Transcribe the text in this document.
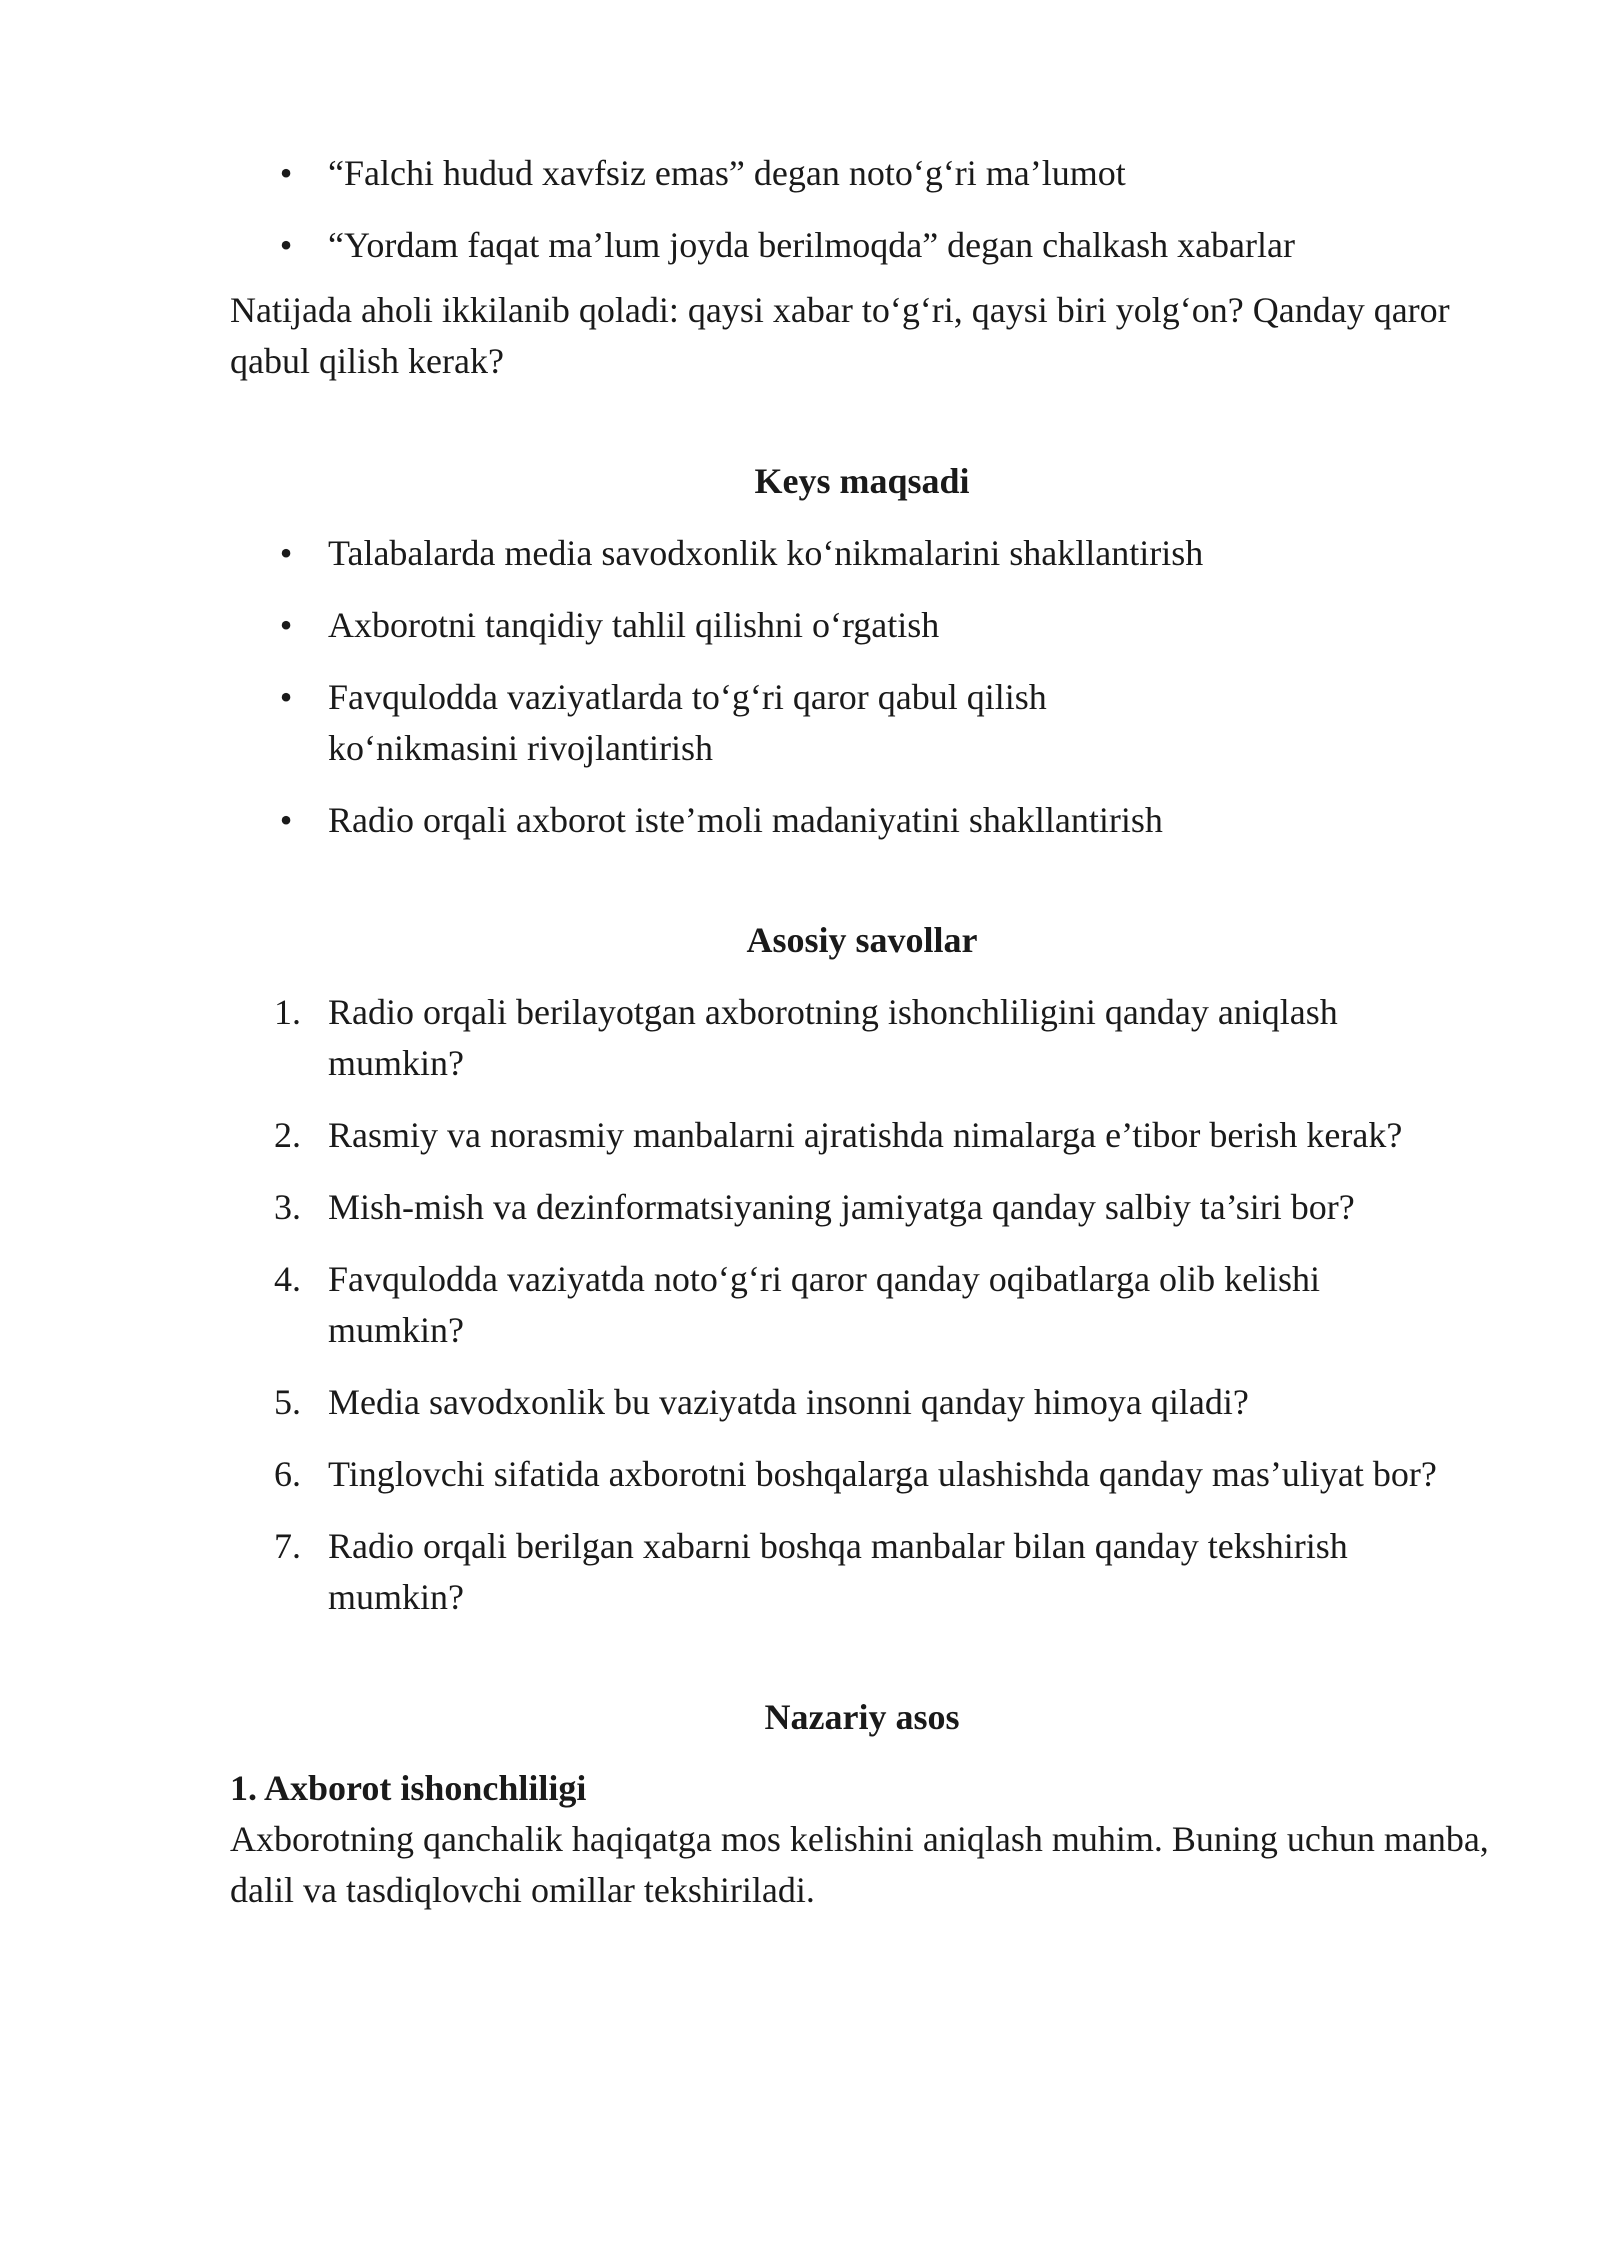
• “Falchi hudud xavfsiz emas” degan noto‘g‘ri ma’lumot
• “Yordam faqat ma’lum joyda berilmoqda” degan chalkash xabarlar

Natijada aholi ikkilanib qoladi: qaysi xabar to‘g‘ri, qaysi biri yolg‘on? Qanday qaror qabul qilish kerak?

Keys maqsadi
• Talabalarda media savodxonlik ko‘nikmalarini shakllantirish
• Axborotni tanqidiy tahlil qilishni o‘rgatish
• Favqulodda vaziyatlarda to‘g‘ri qaror qabul qilish ko‘nikmasini rivojlantirish
• Radio orqali axborot iste’moli madaniyatini shakllantirish
Asosiy savollar
1. Radio orqali berilayotgan axborotning ishonchliligini qanday aniqlash mumkin?
2. Rasmiy va norasmiy manbalarni ajratishda nimalarga e’tibor berish kerak?
3. Mish-mish va dezinformatsiyaning jamiyatga qanday salbiy ta’siri bor?
4. Favqulodda vaziyatda noto‘g‘ri qaror qanday oqibatlarga olib kelishi mumkin?
5. Media savodxonlik bu vaziyatda insonni qanday himoya qiladi?
6. Tinglovchi sifatida axborotni boshqalarga ulashishda qanday mas’uliyat bor?
7. Radio orqali berilgan xabarni boshqa manbalar bilan qanday tekshirish mumkin?
Nazariy asos
1. Axborot ishonchliligi

Axborotning qanchalik haqiqatga mos kelishini aniqlash muhim. Buning uchun manba, dalil va tasdiqlovchi omillar tekshiriladi.
